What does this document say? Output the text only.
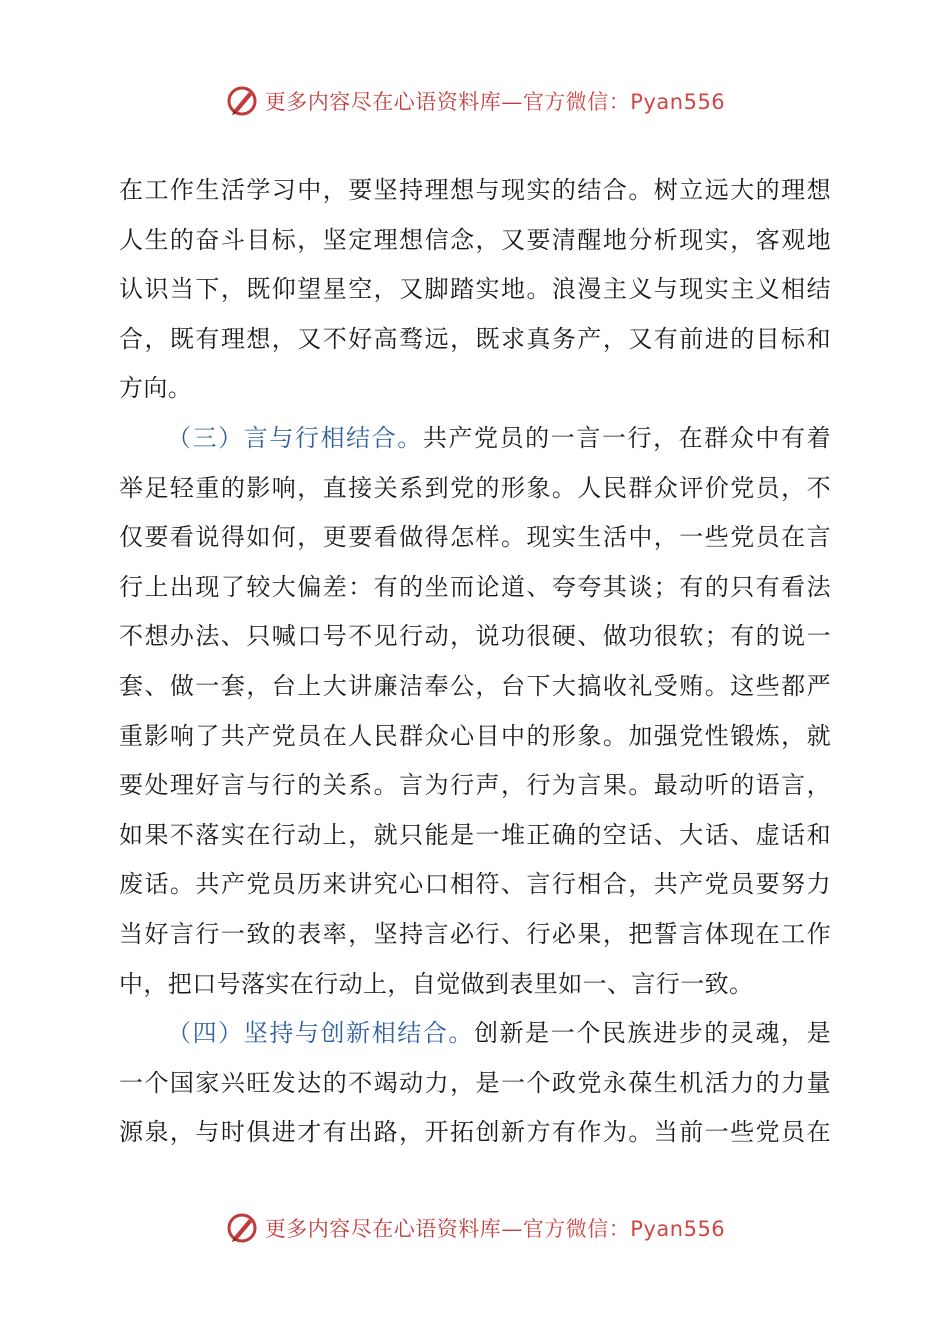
更多内容尽在心语资料库—官方微信：Pyan556
在工作生活学习中，要坚持理想与现实的结合。树立远大的理想
人生的奋斗目标，坚定理想信念，又要清醒地分析现实，客观地
认识当下，既仰望星空，又脚踏实地。浪漫主义与现实主义相结
合，既有理想，又不好高骛远，既求真务产，又有前进的目标和
方向。
（三）言与行相结合。共产党员的一言一行，在群众中有着
举足轻重的影响，直接关系到党的形象。人民群众评价党员，不
仅要看说得如何，更要看做得怎样。现实生活中，一些党员在言
行上出现了较大偏差：有的坐而论道、夸夸其谈；有的只有看法
不想办法、只喊口号不见行动，说功很硬、做功很软；有的说一
套、做一套，台上大讲廉洁奉公，台下大搞收礼受贿。这些都严
重影响了共产党员在人民群众心目中的形象。加强党性锻炼，就
要处理好言与行的关系。言为行声，行为言果。最动听的语言，
如果不落实在行动上，就只能是一堆正确的空话、大话、虚话和
废话。共产党员历来讲究心口相符、言行相合，共产党员要努力
当好言行一致的表率，坚持言必行、行必果，把誓言体现在工作
中，把口号落实在行动上，自觉做到表里如一、言行一致。
（四）坚持与创新相结合。创新是一个民族进步的灵魂，是
一个国家兴旺发达的不竭动力，是一个政党永葆生机活力的力量
源泉，与时俱进才有出路，开拓创新方有作为。当前一些党员在
更多内容尽在心语资料库—官方微信：Pyan556
